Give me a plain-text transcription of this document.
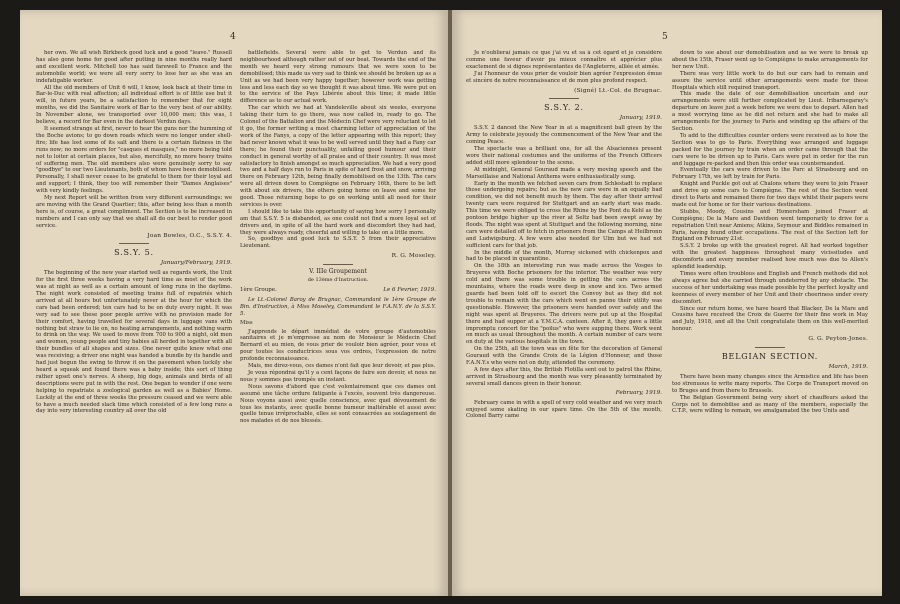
4

her own. We all wish Birkbeck good luck and a good "leave." Russell has also gone home for good after putting in nine months really hard and excellent work. Mitchell too has said farewell to France and the automobile world; we were all very sorry to lose her as she was an indefatigable worker.

All the old members of Unit 6 will, I know, look back at their time in Bar-le-Duc with real affection; all individual effort is of little use but it will, in future years, be a satisfaction to remember that for eight months, we did the Sanitaire work of Bar to the very best of our ability. In November alone, we transported over 10,000 men; this was, I believe, a record for Bar even in the darkest Verdun days.

It seemed strange at first, never to hear the guns nor the humming of the Boche avions; to go down roads which were no longer under shell-fire; life has lost some of its salt and there is a certain flatness in the runs now; no more orders for "casques et masques," no more being told not to loiter at certain places, but also, mercifully, no more heavy trains of suffering men. The old members also were genuinely sorry to say "goodbye" to our two Lieutenants, both of whom have been demobilised. Personally, I shall never cease to be grateful to them for their loyal aid and support; I think, they too will remember their "Dames Anglaises" with very kindly feelings.

My next Report will be written from very different surroundings; we are moving with the Grand Quartier; this, after being less than a month here is, of course, a great compliment. The Section is to be increased in numbers and I can only say that we shall all do our best to render good service.

Joan Bowles, O.C., S.S.Y. 4.
S.S.Y. 5.
January/February, 1919.

The beginning of the new year started well as regards work, the Unit for the first three weeks having a very hard time as most of the work was at night as well as a certain amount of long runs in the daytime. The night work consisted of meeting trains full of repatriés which arrived at all hours but unfortunately never at the hour for which the cars had been ordered; ten cars had to be on duty every night. It was very sad to see these poor people arrive with no provision made for their comfort, having travelled for several days in luggage vans with nothing but straw to lie on, no heating arrangements, and nothing warm to drink on the way. We used to move from 700 to 900 a night, old men and women, young people and tiny babies all herded in together with all their bundles of all shapes and sizes. One never quite knew what one was receiving; a driver one night was handed a bundle by its handle and had just begun the swing to throw it on the pavement when luckily she heard a squeak and found there was a baby inside; this sort of thing rather upset one's nerves. A sheep, big dogs, animals and birds of all descriptions were put in with the rest. One began to wonder if one were helping to repatriate a zoological garden as well as a Babies' Home. Luckily at the end of three weeks the pressure ceased and we were able to have a much needed slack time which consisted of a few long runs a day into very interesting country all over the old

battlefields. Several were able to get to Verdun and its neighbourhood although rather out of our beat. Towards the end of the month we heard very strong rumours that we were soon to be demobilised; this made us very sad to think we should be broken up as a Unit as we had been very happy together; however work was getting less and less each day so we thought it was about time. We were put on to the service of the Pays Libérée about this time; it made little difference as to our actual work.

The car which we had at Vandeleville about six weeks, everyone taking their turn to go there, was now called in, ready to go. The Colonel of the Battalion and the Médecin Chef were very reluctant to let it go, the former writing a most charming letter of appreciation of the work of the Fanys, a copy of the letter appearing with this report; they had never known what it was to be well served until they had a Fany car there; he found their punctuality, unfailing good humour and their conduct in general worthy of all praise and of their country. It was most satisfactory to finish amongst so much appreciation. We had a very good two and a half days run to Paris in spite of hard frost and snow, arriving there on February 12th, being finally demobilised on the 13th. The cars were all driven down to Compiègne on February 16th, there to be left with about six drivers, the others going home on leave and some for good. Those returning hope to go on working until all need for their services is over.

I should like to take this opportunity of saying how sorry I personally am that S.S.Y. 5 is disbanded, as one could not find a more loyal set of drivers and, in spite of all the hard work and discomfort they had had, they were always ready, cheerful and willing to take on a little more.

So, goodbye and good luck to S.S.Y. 5 from their appreciative Lieutenant.

R. G. Moseley.
V. IIIe Groupement
de 13ème d'Instruction.
1ère Groupe.	Le 6 Fevrier, 1919.

Le Lt.-Colonel Baroy de Brugnac, Commandant le 1ère Groupe de Bin. d'Instruction, à Miss Moseley, Commandant le F.A.N.Y. de la S.S.Y. 5.

Miss

J'apprends le départ immédiat de votre groupe d'automobiles sanitaires et je m'empresse au nom de Monsieur le Médecin Chef Bernard et au mien, de vous prier de voulo​ir bien agréer, pour vous et pour toutes les conductrices sous vos ordres, l'expression de notre profonde reconnaissance.

Mais, me direz-vous, ces dames n'ont fait que leur devoir, et pas plus.

Je vous répondrai qu'il y a cent façons de faire son devoir, et nous ne nous y sommes pas trompés un instant.

Nous savons d'abord que c'est volontairement que ces dames ont assumé une tâche ordure fatigante à l'excès, souvent très dangereuse. Nous voyons aussi avec quelle conscience, avec quel dévouement de tous les instants, avec quelle bonne humeur inaltérable et aussi avec quelle tenue irréprochable, elles se sont consacrées au soulagement de nos malades et de nos blessés.

5

Je n'oublierai jamais ce que j'ai vu et sa à cet égard et je considère comme une faveur d'avoir pu mieux connaître et apprécier plus exactement de si dignes représentantes de l'Angleterre, alliée et aimée.

J'ai l'honneur de vous prier de vouloir bien agréer l'expression émue et sincère de notre reconnaissance et de mon plus profond respect.

(Signé) Lt.-Col. de Brugnac.
S.S.Y. 2.
January, 1919.

S.S.Y. 2 danced the New Year in at a magnificent ball given by the Army to celebrate joyously the commencement of the New Year and the coming Peace.

The spectacle was a brilliant one, for all the Alsaciennes present wore their national costumes and the uniforms of the French Officers added still more splendour to the scene.

At midnight, General Gouraud made a very moving speech and the Marseillaise and National Anthems were enthusiastically sung.

Early in the month we fetched seven cars from Schlestadt to replace those undergoing repairs; but as the new cars were in an equally bad condition, we did not benefit much by them. The day after their arrival twenty cars were required for Stuttgart and an early start was made. This time we were obliged to cross the Rhine by the Pont du Kehl as the pontoon bridge higher up the river at Seltz had been swept away by floods. The night was spent at Stuttgart and the following morning, nine cars were detailed off to fetch in prisoners from the Camps at Heilbronn and Ludwigsburg. A few were also needed for Ulm but we had not sufficient cars for that job.

In the middle of the month, Murray sickened with chickenpox and had to be placed in quarantine.

On the 18th an interesting run was made across the Vosges to Bruyeres with Boche prisoners for the interior. The weather was very cold and there was some trouble in getting the cars across the mountains, where the roads were deep in snow and ice. Two armed guards had been told off to escort the Convoy but as they did not trouble to remain with the cars which went en panne their utility was questionable. However, the prisoners were handed over safely and the night was spent at Bruyeres. The drivers were put up at the Hospital there and had supper at a Y.M.C.A. canteen. After it, they gave a little impromptu concert for the "poilus" who were supping there. Work went on much as usual throughout the month. A certain number of cars were on duty at the various hospitals in the town.

On the 25th, all the town was en fête for the decoration of General Gouraud with the Grande Croix de la Légion d'Honneur, and those F.A.N.Y.s who were not on duty, attended the ceremony.

A few days after this, the British Flotilla sent out to patrol the Rhine, arrived in Strasbourg and the month was very pleasantly terminated by several small dances given in their honour.

February, 1919.

February came in with a spell of very cold weather and we very much enjoyed some skating in our spare time. On the 5th of the month, Colonel Barry came

down to see about our demobilisation and as we were to break up about the 15th, Fraser went up to Compiègne to make arrangements for her new Unit.

There was very little work to do but our cars had to remain and assure the service until other arrangements were made for these Hospitals which still required transport.

This made the date of our demobilisation uncertain and our arrangements were still further complicated by Lieut. Iribarnegaray's departure on leave just a week before we were due to depart. Allen had a most worrying time as he did not return and she had to make all arrangements for the journey to Paris and winding up the affairs of the Section.

To add to the difficulties counter orders were received as to how the Section was to go to Paris. Everything was arranged and luggage packed for the journey by train when an order came through that the cars were to be driven up to Paris. Cars were put in order for the run and luggage re-packed and then this order was countermanded.

Eventually the cars were driven to the Parc at Strasbourg and on February 17th, we left by train for Paris.

Knight and Puckle got out at Chalons where they were to join Fraser and drive up some cars to Compiègne. The rest of the Section went direct to Paris and remained there for two days whilst their papers were made out for home or for their various destinations.

Stubbs, Moody, Cousins and Homersham joined Fraser at Compiègne; De la Mare and Davidson went temporarily to drive for a repatriation Unit near Amiens; Atkins, Seymour and Biddles remained in Paris, having found other occupations. The rest of the Section left for England on February 21st.

S.S.Y. 2 broke up with the greatest regret. All had worked together with the greatest happiness throughout many vicissitudes and discomforts and every member realised how much was due to Allen's splendid leadership.

Times were often troublous and English and French methods did not always agree but she carried through undeterred by any obstacle. The success of her undertaking was made possible by the perfect loyalty and keenness of every member of her Unit and their cheeriness under every discomfort.

Since our return home, we have heard that Blacker, De la Mare and Cousins have received the Croix de Guerre for their fine work in May and July, 1918, and all the Unit congratulate them on this well-merited honour.

G. G. Peyton-Jones.
BELGIAN SECTION.
March, 1919.

There have been many changes since the Armistice and life has been too strenuous to write many reports. The Corps de Transport moved on to Bruges and from there to Brussels.

The Belgian Government being very short of chauffeurs asked the Corps not to demobilise and as many of the members, especially the C.T.P., were willing to remain, we amalgamated the two Units and
